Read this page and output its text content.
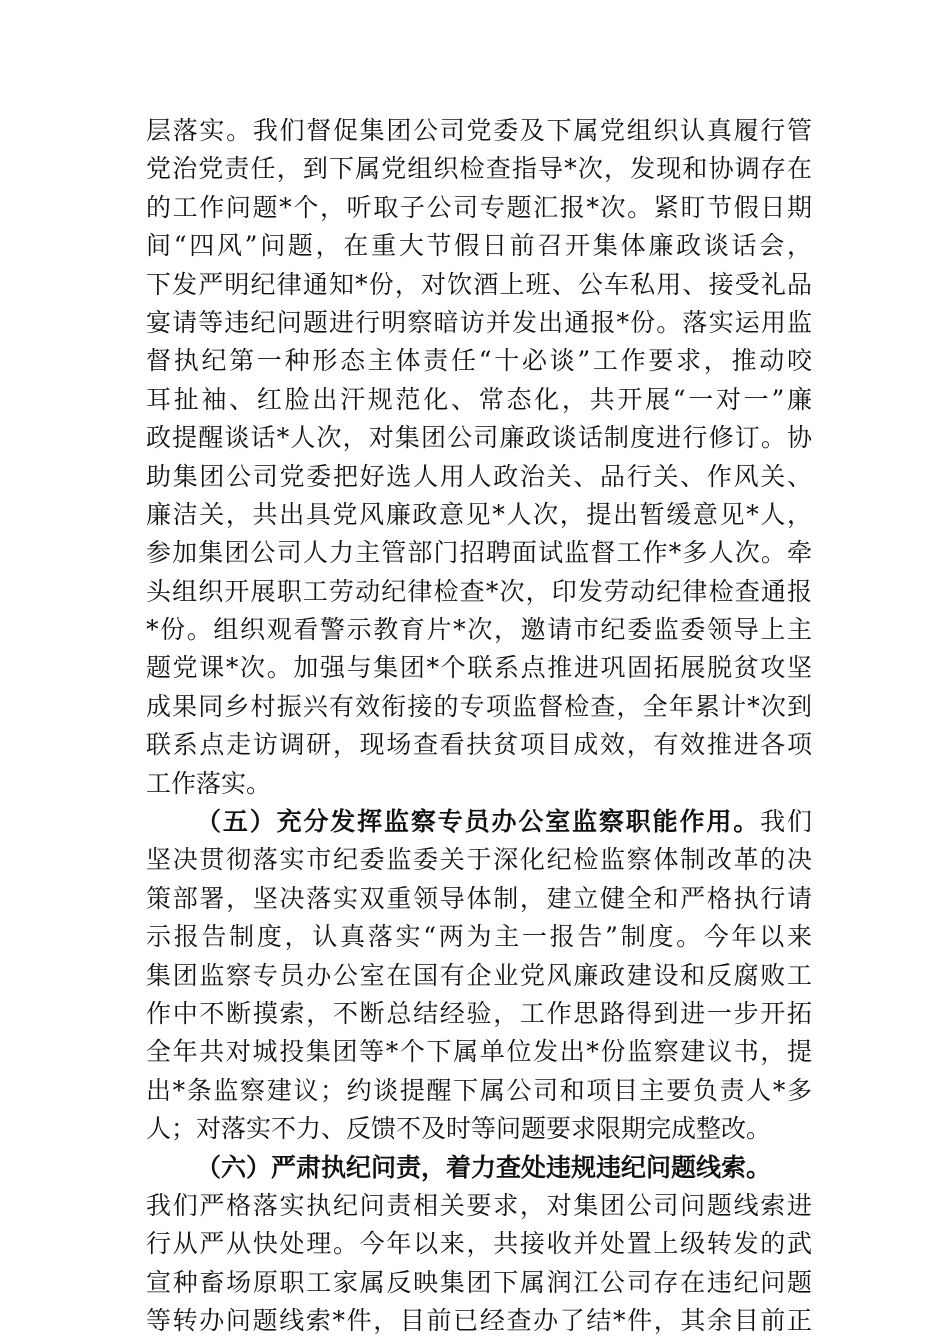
层落实。我们督促集团公司党委及下属党组织认真履行管
党治党责任，到下属党组织检查指导*次，发现和协调存在
的工作问题*个，听取子公司专题汇报*次。紧盯节假日期
间“四风”问题，在重大节假日前召开集体廉政谈话会，
下发严明纪律通知*份，对饮酒上班、公车私用、接受礼品
宴请等违纪问题进行明察暗访并发出通报*份。落实运用监
督执纪第一种形态主体责任“十必谈”工作要求，推动咬
耳扯袖、红脸出汗规范化、常态化，共开展“一对一”廉
政提醒谈话*人次，对集团公司廉政谈话制度进行修订。协
助集团公司党委把好选人用人政治关、品行关、作风关、
廉洁关，共出具党风廉政意见*人次，提出暂缓意见*人，
参加集团公司人力主管部门招聘面试监督工作*多人次。牵
头组织开展职工劳动纪律检查*次，印发劳动纪律检查通报
*份。组织观看警示教育片*次，邀请市纪委监委领导上主
题党课*次。加强与集团*个联系点推进巩固拓展脱贫攻坚
成果同乡村振兴有效衔接的专项监督检查，全年累计*次到
联系点走访调研，现场查看扶贫项目成效，有效推进各项
工作落实。
（五）充分发挥监察专员办公室监察职能作用。我们
坚决贯彻落实市纪委监委关于深化纪检监察体制改革的决
策部署，坚决落实双重领导体制，建立健全和严格执行请
示报告制度，认真落实“两为主一报告”制度。今年以来
集团监察专员办公室在国有企业党风廉政建设和反腐败工
作中不断摸索，不断总结经验，工作思路得到进一步开拓
全年共对城投集团等*个下属单位发出*份监察建议书，提
出*条监察建议；约谈提醒下属公司和项目主要负责人*多
人；对落实不力、反馈不及时等问题要求限期完成整改。
（六）严肃执纪问责，着力查处违规违纪问题线索。
我们严格落实执纪问责相关要求，对集团公司问题线索进
行从严从快处理。今年以来，共接收并处置上级转发的武
宣种畜场原职工家属反映集团下属润江公司存在违纪问题
等转办问题线索*件，目前已经查办了结*件，其余目前正
